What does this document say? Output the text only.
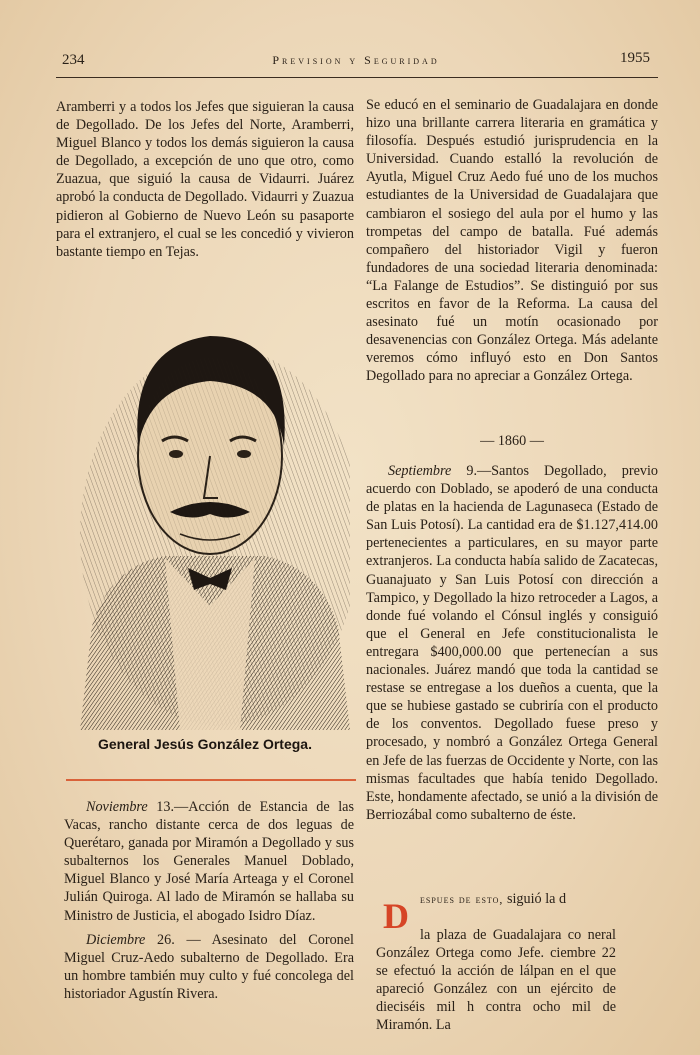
234	Prevision y Seguridad	1955

Aramberri y a todos los Jefes que siguieran la causa de Degollado. De los Jefes del Norte, Aramberri, Miguel Blanco y todos los demás siguieron la causa de Degollado, a excepción de uno que otro, como Zuazua, que siguió la causa de Vidaurri. Juárez aprobó la conducta de Degollado. Vidaurri y Zuazua pidieron al Gobierno de Nuevo León su pasaporte para el extranjero, el cual se les concedió y vivieron bastante tiempo en Tejas.

General Jesús González Ortega.

Noviembre 13.—Acción de Estancia de las Vacas, rancho distante cerca de dos leguas de Querétaro, ganada por Miramón a Degollado y sus subalternos los Generales Manuel Doblado, Miguel Blanco y José María Arteaga y el Coronel Julián Quiroga. Al lado de Miramón se hallaba su Ministro de Justicia, el abogado Isidro Díaz.

Diciembre 26. — Asesinato del Coronel Miguel Cruz-Aedo subalterno de Degollado. Era un hombre también muy culto y fué concolega del historiador Agustín Rivera.

Se educó en el seminario de Guadalajara en donde hizo una brillante carrera literaria en gramática y filosofía. Después estudió jurisprudencia en la Universidad. Cuando estalló la revolución de Ayutla, Miguel Cruz Aedo fué uno de los muchos estudiantes de la Universidad de Guadalajara que cambiaron el sosiego del aula por el humo y las trompetas del campo de batalla. Fué además compañero del historiador Vigil y fueron fundadores de una sociedad literaria denominada: “La Falange de Estudios”. Se distinguió por sus escritos en favor de la Reforma. La causa del asesinato fué un motín ocasionado por desavenencias con González Ortega. Más adelante veremos cómo influyó esto en Don Santos Degollado para no apreciar a González Ortega.

— 1860 —

Septiembre 9.—Santos Degollado, previo acuerdo con Doblado, se apoderó de una conducta de platas en la hacienda de Lagunaseca (Estado de San Luis Potosí). La cantidad era de $1.127,414.00 pertenecientes a particulares, en su mayor parte extranjeros. La conducta había salido de Zacatecas, Guanajuato y San Luis Potosí con dirección a Tampico, y Degollado la hizo retroceder a Lagos, a donde fué volando el Cónsul inglés y consiguió que el General en Jefe constitucionalista le entregara $400,000.00 que pertenecían a sus nacionales. Juárez mandó que toda la cantidad se restase se entregase a los dueños a cuenta, que la que se hubiese gastado se cubriría con el producto de los conventos. Degollado fuese preso y procesado, y nombró a González Ortega General en Jefe de las fuerzas de Occidente y Norte, con las mismas facultades que había tenido Degollado. Este, hondamente afectado, se unió a la división de Berriozábal como subalterno de éste.

D espues de esto, siguió la d
la plaza de Guadalajara co neral González Ortega como Jefe. ciembre 22 se efectuó la acción de lálpan en el que apareció González con un ejército de dieciséis mil h contra ocho mil de Miramón. La
